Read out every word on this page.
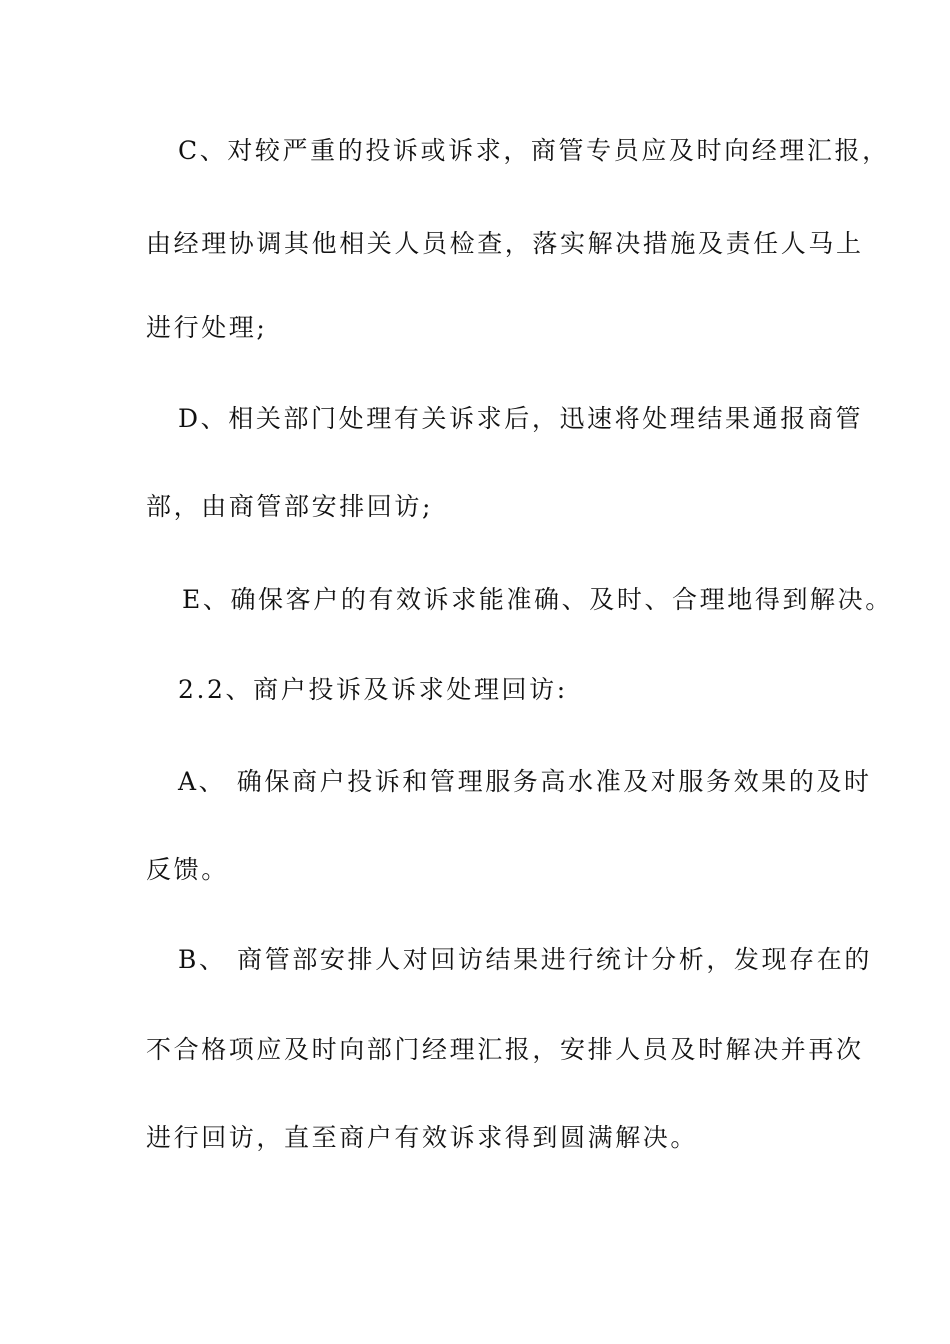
C、对较严重的投诉或诉求，商管专员应及时向经理汇报，
由经理协调其他相关人员检查，落实解决措施及责任人马上
进行处理;
D、相关部门处理有关诉求后，迅速将处理结果通报商管
部，由商管部安排回访;
E、确保客户的有效诉求能准确、及时、合理地得到解决。
2.2、商户投诉及诉求处理回访:
A、 确保商户投诉和管理服务高水准及对服务效果的及时
反馈。
B、 商管部安排人对回访结果进行统计分析，发现存在的
不合格项应及时向部门经理汇报，安排人员及时解决并再次
进行回访，直至商户有效诉求得到圆满解决。
